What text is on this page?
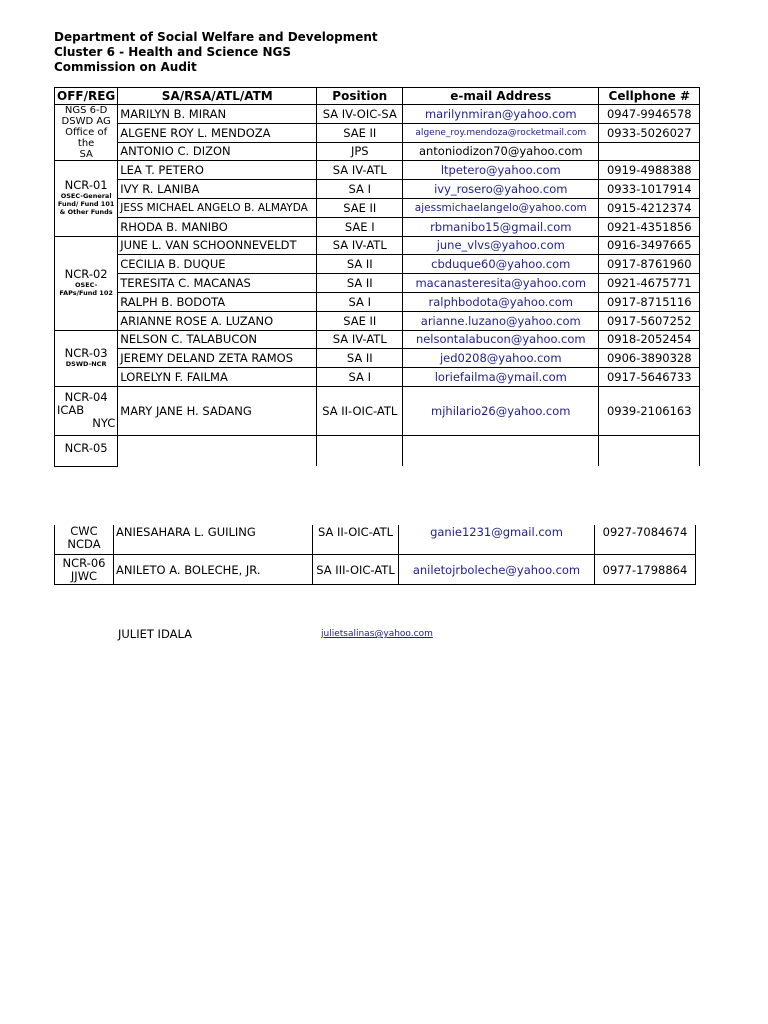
Department of Social Welfare and Development
Cluster 6 - Health and Science NGS
Commission on Audit
OFF/REG	SA/RSA/ATL/ATM	Position	e-mail Address	Cellphone #
NGS 6-D
DSWD AG
Office of the
SA	MARILYN B. MIRAN	SA IV-OIC-SA	marilynmiran@yahoo.com	0947-9946578
	ALGENE ROY L. MENDOZA	SAE II	algene_roy.mendoza@rocketmail.com	0933-5026027
	ANTONIO C. DIZON	JPS	antoniodizon70@yahoo.com	
NCR-01
OSEC-General Fund/ Fund 101 & Other Funds	LEA T. PETERO	SA IV-ATL	ltpetero@yahoo.com	0919-4988388
	IVY R. LANIBA	SA I	ivy_rosero@yahoo.com	0933-1017914
	JESS MICHAEL ANGELO B. ALMAYDA	SAE II	ajessmichaelangelo@yahoo.com	0915-4212374
	RHODA B. MANIBO	SAE I	rbmanibo15@gmail.com	0921-4351856
NCR-02
OSEC-FAPs/Fund 102	JUNE L. VAN SCHOONNEVELDT	SA IV-ATL	june_vlvs@yahoo.com	0916-3497665
	CECILIA B. DUQUE	SA II	cbduque60@yahoo.com	0917-8761960
	TERESITA C. MACANAS	SA II	macanasteresita@yahoo.com	0921-4675771
	RALPH B. BODOTA	SA I	ralphbodota@yahoo.com	0917-8715116
	ARIANNE ROSE A. LUZANO	SAE II	arianne.luzano@yahoo.com	0917-5607252
NCR-03
DSWD-NCR	NELSON C. TALABUCON	SA IV-ATL	nelsontalabucon@yahoo.com	0918-2052454
	JEREMY DELAND ZETA RAMOS	SA II	jed0208@yahoo.com	0906-3890328
	LORELYN F. FAILMA	SA I	loriefailma@ymail.com	0917-5646733
NCR-04

ICAB
NYC	MARY JANE H. SADANG	SA II-OIC-ATL	mjhilario26@yahoo.com	0939-2106163
NCR-05				
CWC
NCDA	ANIESAHARA L. GUILING	SA II-OIC-ATL	ganie1231@gmail.com	0927-7084674
NCR-06
JJWC	ANILETO A. BOLECHE, JR.	SA III-OIC-ATL	aniletojrboleche@yahoo.com	0977-1798864
JULIET IDALA	julietsalinas@yahoo.com
